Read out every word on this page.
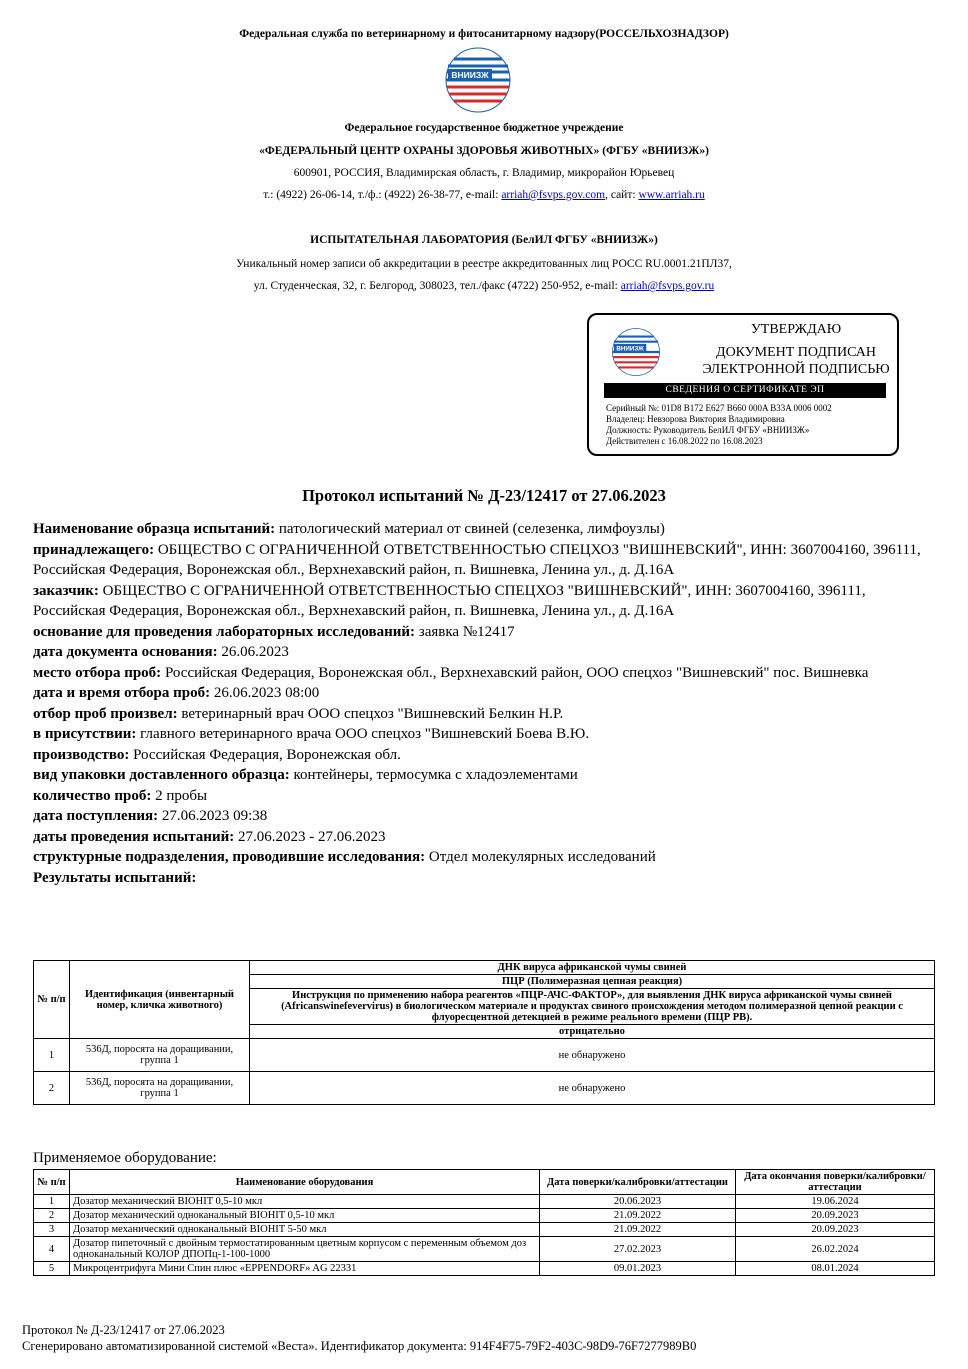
Федеральная служба по ветеринарному и фитосанитарному надзору(РОССЕЛЬХОЗНАДЗОР)
ВНИИЗЖ
Федеральное государственное бюджетное учреждение
«ФЕДЕРАЛЬНЫЙ ЦЕНТР ОХРАНЫ ЗДОРОВЬЯ ЖИВОТНЫХ» (ФГБУ «ВНИИЗЖ»)
600901, РОССИЯ, Владимирская область, г. Владимир, микрорайон Юрьевец
т.: (4922) 26-06-14, т./ф.: (4922) 26-38-77, e-mail: arriah@fsvps.gov.com, сайт: www.arriah.ru
ИСПЫТАТЕЛЬНАЯ ЛАБОРАТОРИЯ (БелИЛ ФГБУ «ВНИИЗЖ»)
Уникальный номер записи об аккредитации в реестре аккредитованных лиц РОСС RU.0001.21ПЛ37,
ул. Студенческая, 32, г. Белгород, 308023, тел./факс (4722) 250-952, e-mail: arriah@fsvps.gov.ru
ВНИИЗЖ
УТВЕРЖДАЮ
ДОКУМЕНТ ПОДПИСАН
ЭЛЕКТРОННОЙ ПОДПИСЬЮ
СВЕДЕНИЯ О СЕРТИФИКАТЕ ЭП
Серийный №: 01D8 B172 E627 B660 000A B33A 0006 0002
Владелец: Невзорова Виктория Владимировна
Должность: Руководитель БелИЛ ФГБУ «ВНИИЗЖ»
Действителен с 16.08.2022 по 16.08.2023
Протокол испытаний № Д-23/12417 от 27.06.2023

Наименование образца испытаний: патологический материал от свиней (селезенка, лимфоузлы)

принадлежащего: ОБЩЕСТВО С ОГРАНИЧЕННОЙ ОТВЕТСТВЕННОСТЬЮ СПЕЦХОЗ "ВИШНЕВСКИЙ", ИНН: 3607004160, 396111, Российская Федерация, Воронежская обл., Верхнехавский район, п. Вишневка, Ленина ул., д. Д.16А

заказчик: ОБЩЕСТВО С ОГРАНИЧЕННОЙ ОТВЕТСТВЕННОСТЬЮ СПЕЦХОЗ "ВИШНЕВСКИЙ", ИНН: 3607004160, 396111, Российская Федерация, Воронежская обл., Верхнехавский район, п. Вишневка, Ленина ул., д. Д.16А

основание для проведения лабораторных исследований: заявка №12417

дата документа основания: 26.06.2023

место отбора проб: Российская Федерация, Воронежская обл., Верхнехавский район, ООО спецхоз "Вишневский" пос. Вишневка

дата и время отбора проб: 26.06.2023 08:00

отбор проб произвел: ветеринарный врач ООО спецхоз "Вишневский Белкин Н.Р.

в присутствии: главного ветеринарного врача ООО спецхоз "Вишневский Боева В.Ю.

производство: Российская Федерация, Воронежская обл.

вид упаковки доставленного образца: контейнеры, термосумка с хладоэлементами

количество проб: 2 пробы

дата поступления: 27.06.2023 09:38

даты проведения испытаний: 27.06.2023 - 27.06.2023

структурные подразделения, проводившие исследования: Отдел молекулярных исследований

Результаты испытаний:

№ п/п	Идентификация (инвентарный номер, кличка животного)	ДНК вируса африканской чумы свиней
		ПЦР (Полимеразная цепная реакция)
		Инструкция по применению набора реагентов «ПЦР-АЧС-ФАКТОР», для выявления ДНК вируса африканской чумы свиней (Africanswinefevervirus) в биологическом материале и продуктах свиного происхождения методом полимеразной цепной реакции с флуоресцентной детекцией в режиме реального времени (ПЦР РВ).
		отрицательно
1	536Д, поросята на доращивании, группа 1	не обнаружено
2	536Д, поросята на доращивании, группа 1	не обнаружено
Применяемое оборудование:
№ п/п	Наименование оборудования	Дата поверки/калибровки/аттестации	Дата окончания поверки/калибровки/аттестации
1	Дозатор механический BIOHIT 0,5-10 мкл	20.06.2023	19.06.2024
2	Дозатор механический одноканальный BIOHIT 0,5-10 мкл	21.09.2022	20.09.2023
3	Дозатор механический одноканальный BIOHIT 5-50 мкл	21.09.2022	20.09.2023
4	Дозатор пипеточный с двойным термостатированным цветным корпусом с переменным объемом доз одноканальный КОЛОР ДПОПц-1-100-1000	27.02.2023	26.02.2024
5	Микроцентрифуга Мини Спин плюс «EPPENDORF» AG 22331	09.01.2023	08.01.2024
Протокол № Д-23/12417 от 27.06.2023
Сгенерировано автоматизированной системой «Веста». Идентификатор документа: 914F4F75-79F2-403C-98D9-76F7277989B0
